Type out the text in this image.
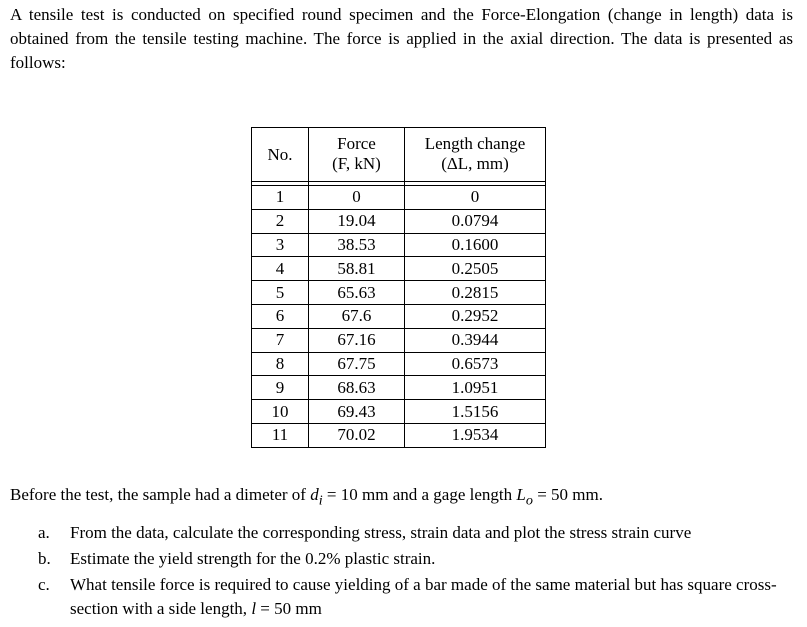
A tensile test is conducted on specified round specimen and the Force-Elongation (change in length) data is obtained from the tensile testing machine. The force is applied in the axial direction. The data is presented as follows:

No.	Force	Length change
	(F, kN)	(ΔL, mm)

1	0	0
2	19.04	0.0794
3	38.53	0.1600
4	58.81	0.2505
5	65.63	0.2815
6	67.6	0.2952
7	67.16	0.3944
8	67.75	0.6573
9	68.63	1.0951
10	69.43	1.5156
11	70.02	1.9534

Before the test, the sample had a dimeter of $d_i = 10$ mm and a gage length $L_o = 50$ mm.

a. From the data, calculate the corresponding stress, strain data and plot the stress strain curve
b. Estimate the yield strength for the 0.2% plastic strain.
c. What tensile force is required to cause yielding of a bar made of the same material but has square cross-section with a side length, l = 50 mm
